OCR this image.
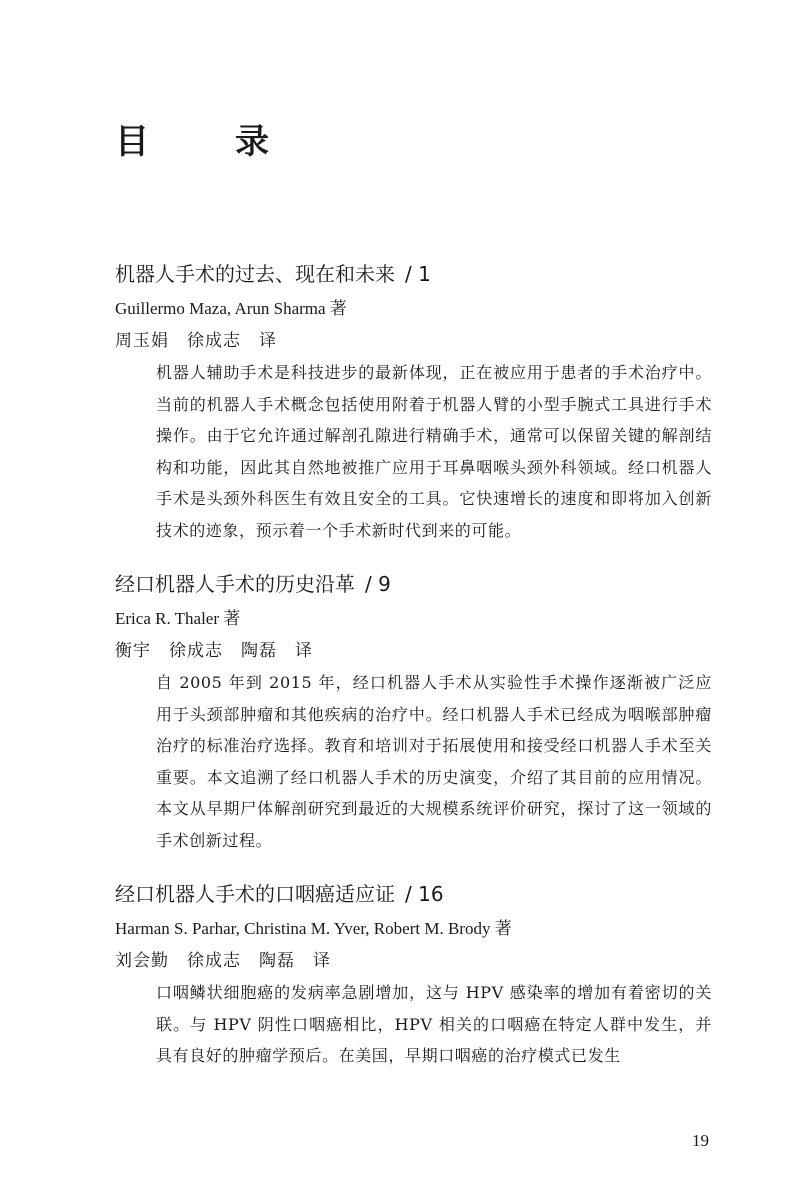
目　录
机器人手术的过去、现在和未来 / 1
Guillermo Maza, Arun Sharma 著
周玉娟　徐成志　译
机器人辅助手术是科技进步的最新体现，正在被应用于患者的手术治疗中。当前的机器人手术概念包括使用附着于机器人臂的小型手腕式工具进行手术操作。由于它允许通过解剖孔隙进行精确手术，通常可以保留关键的解剖结构和功能，因此其自然地被推广应用于耳鼻咽喉头颈外科领域。经口机器人手术是头颈外科医生有效且安全的工具。它快速增长的速度和即将加入创新技术的迹象，预示着一个手术新时代到来的可能。
经口机器人手术的历史沿革 / 9
Erica R. Thaler 著
衡宇　徐成志　陶磊　译
自 2005 年到 2015 年，经口机器人手术从实验性手术操作逐渐被广泛应用于头颈部肿瘤和其他疾病的治疗中。经口机器人手术已经成为咽喉部肿瘤治疗的标准治疗选择。教育和培训对于拓展使用和接受经口机器人手术至关重要。本文追溯了经口机器人手术的历史演变，介绍了其目前的应用情况。本文从早期尸体解剖研究到最近的大规模系统评价研究，探讨了这一领域的手术创新过程。
经口机器人手术的口咽癌适应证 / 16
Harman S. Parhar, Christina M. Yver, Robert M. Brody 著
刘会勤　徐成志　陶磊　译
口咽鳞状细胞癌的发病率急剧增加，这与 HPV 感染率的增加有着密切的关联。与 HPV 阴性口咽癌相比，HPV 相关的口咽癌在特定人群中发生，并具有良好的肿瘤学预后。在美国，早期口咽癌的治疗模式已发生
19
